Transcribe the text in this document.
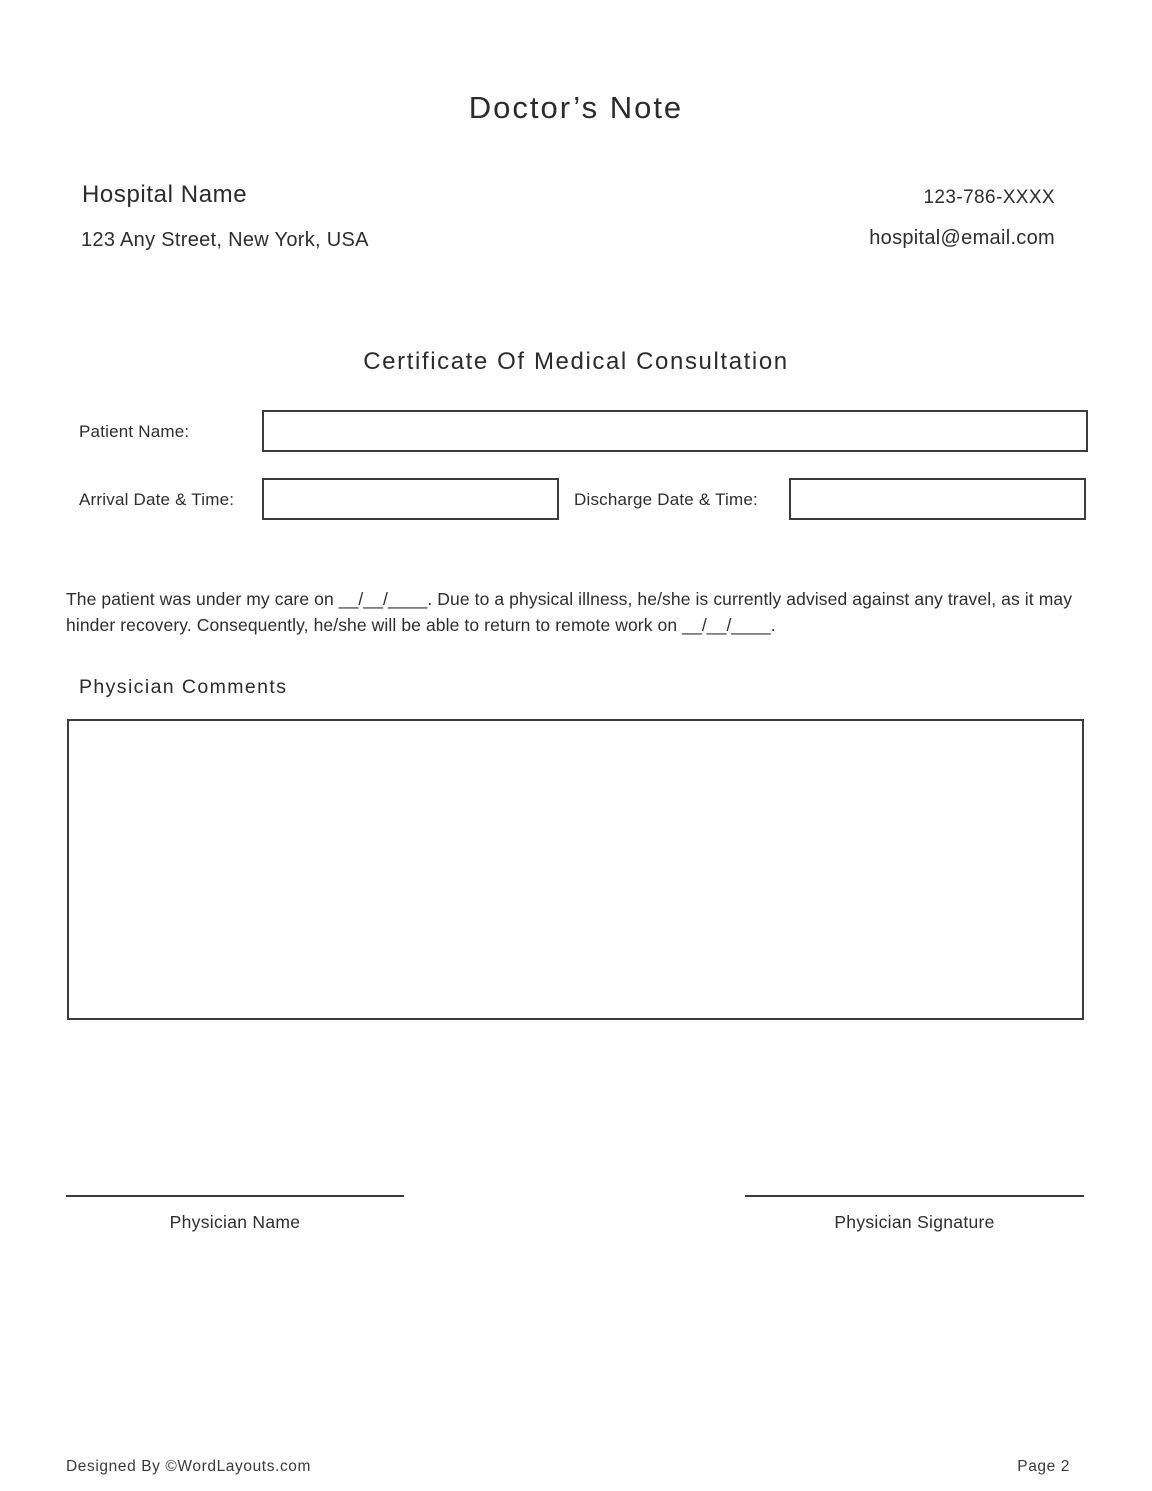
Doctor’s Note
Hospital Name
123 Any Street, New York, USA
123-786-XXXX
hospital@email.com
Certificate Of Medical Consultation
Patient Name:
Arrival Date & Time:	Discharge Date & Time:

The patient was under my care on __/__/____. Due to a physical illness, he/she is currently advised against any travel, as it may hinder recovery. Consequently, he/she will be able to return to remote work on __/__/____.

Physician Comments
Physician Name	Physician Signature
Designed By ©WordLayouts.com	Page 2
